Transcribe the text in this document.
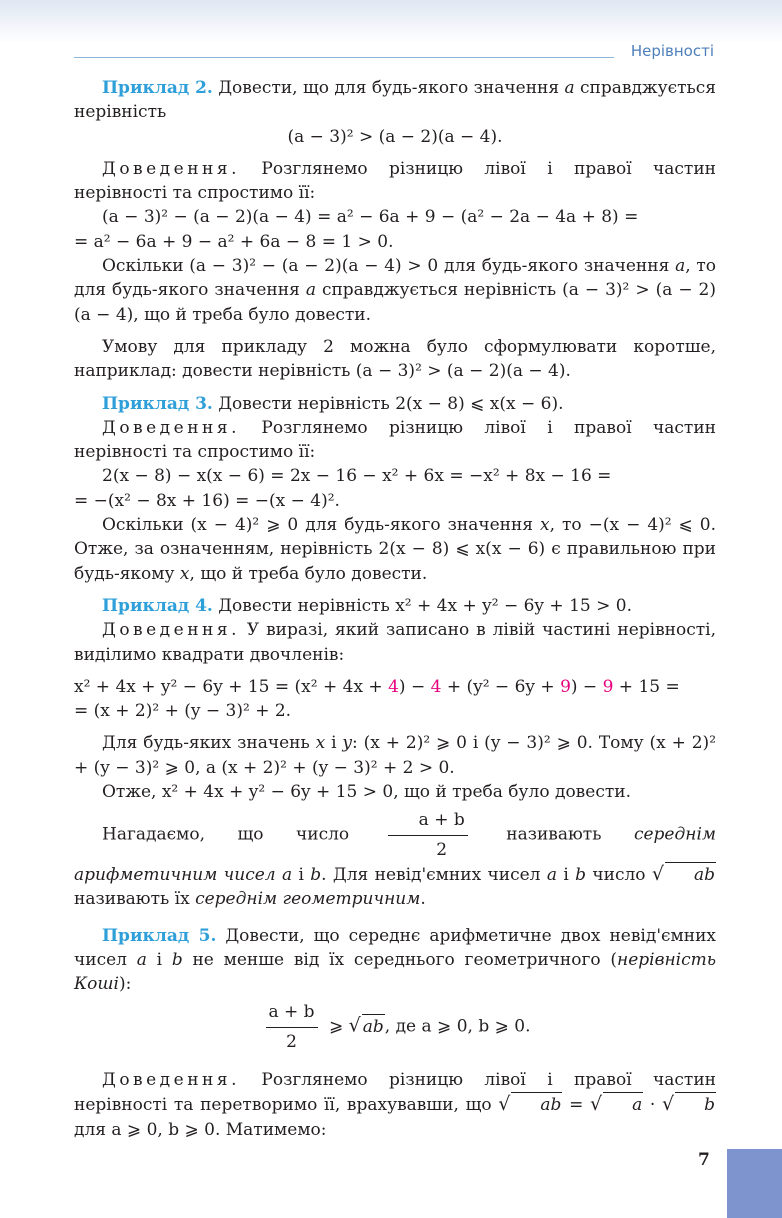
Нерівності

Приклад 2. Довести, що для будь-якого значення a справджується нерівність

(a − 3)² > (a − 2)(a − 4).

Доведення. Розглянемо різницю лівої і правої частин нерівності та спростимо її:

(a − 3)² − (a − 2)(a − 4) = a² − 6a + 9 − (a² − 2a − 4a + 8) =

= a² − 6a + 9 − a² + 6a − 8 = 1 > 0.

Оскільки (a − 3)² − (a − 2)(a − 4) > 0 для будь-якого значення a, то для будь-якого значення a справджується нерівність (a − 3)² > (a − 2)(a − 4), що й треба було довести.

Умову для прикладу 2 можна було сформулювати коротше, наприклад: довести нерівність (a − 3)² > (a − 2)(a − 4).

Приклад 3. Довести нерівність 2(x − 8) ⩽ x(x − 6).

Доведення. Розглянемо різницю лівої і правої частин нерівності та спростимо її:

2(x − 8) − x(x − 6) = 2x − 16 − x² + 6x = −x² + 8x − 16 =

= −(x² − 8x + 16) = −(x − 4)².

Оскільки (x − 4)² ⩾ 0 для будь-якого значення x, то −(x − 4)² ⩽ 0. Отже, за означенням, нерівність 2(x − 8) ⩽ x(x − 6) є правильною при будь-якому x, що й треба було довести.

Приклад 4. Довести нерівність x² + 4x + y² − 6y + 15 > 0.

Доведення. У виразі, який записано в лівій частині нерівності, виділимо квадрати двочленів:

x² + 4x + y² − 6y + 15 = (x² + 4x + 4) − 4 + (y² − 6y + 9) − 9 + 15 =

= (x + 2)² + (y − 3)² + 2.

Для будь-яких значень x і y: (x + 2)² ⩾ 0 і (y − 3)² ⩾ 0. Тому (x + 2)² + (y − 3)² ⩾ 0, а (x + 2)² + (y − 3)² + 2 > 0.

Отже, x² + 4x + y² − 6y + 15 > 0, що й треба було довести.

Нагадаємо, що число $\frac{a + b}{2}$ називають середнім арифметичним чисел a і b. Для невід'ємних чисел a і b число √ ab називають їх середнім геометричним.

Приклад 5. Довести, що середнє арифметичне двох невід'ємних чисел a і b не менше від їх середнього геометричного (нерівність Коші):

$\frac{a + b}{2}$ ⩾ √ ab, де a ⩾ 0, b ⩾ 0.

Доведення. Розглянемо різницю лівої і правої частин нерівності та перетворимо її, врахувавши, що √ ab = √ a · √ b для a ⩾ 0, b ⩾ 0. Матимемо:

7
